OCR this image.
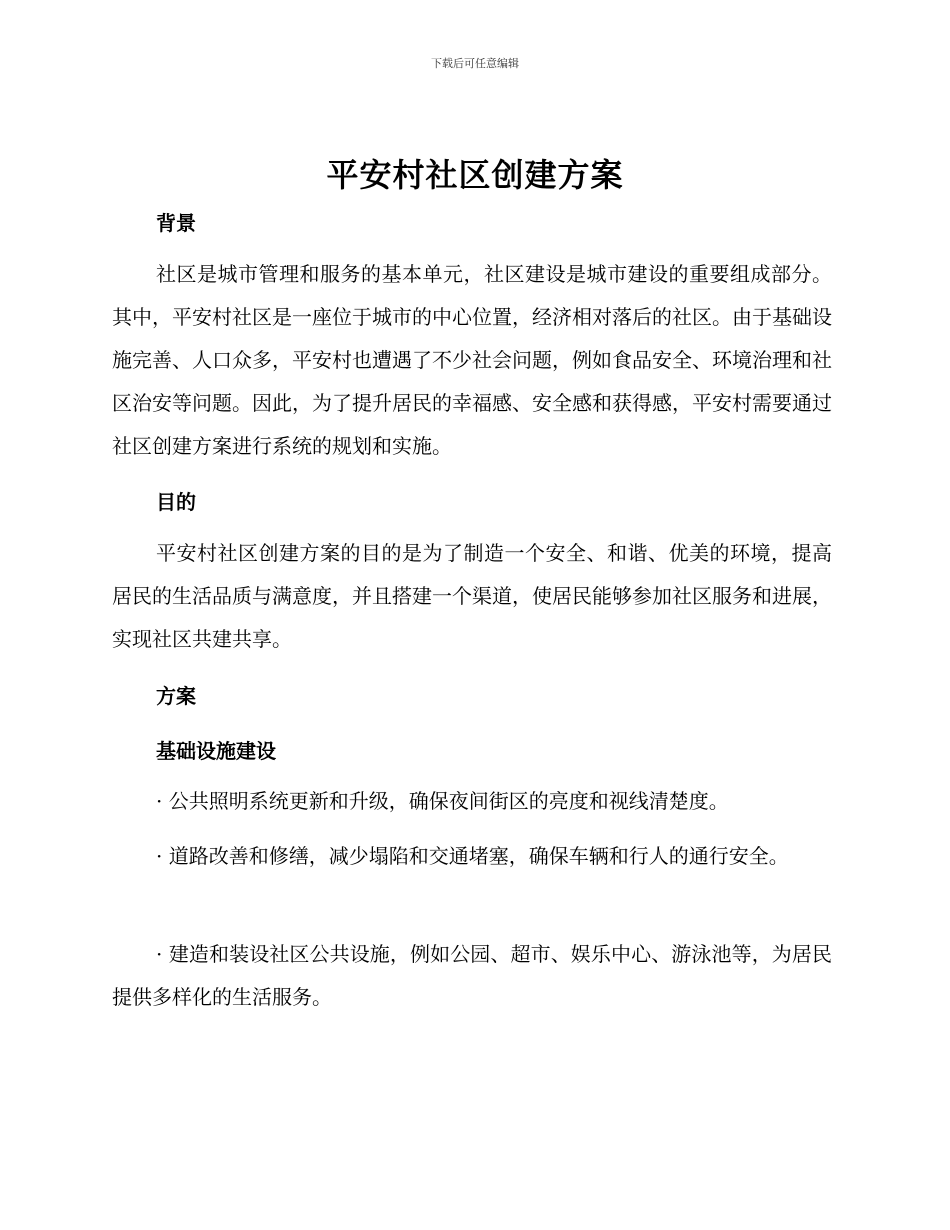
下载后可任意编辑
平安村社区创建方案
背景

社区是城市管理和服务的基本单元，社区建设是城市建设的重要组成部分。其中，平安村社区是一座位于城市的中心位置，经济相对落后的社区。由于基础设施完善、人口众多，平安村也遭遇了不少社会问题，例如食品安全、环境治理和社区治安等问题。因此，为了提升居民的幸福感、安全感和获得感，平安村需要通过社区创建方案进行系统的规划和实施。

目的

平安村社区创建方案的目的是为了制造一个安全、和谐、优美的环境，提高居民的生活品质与满意度，并且搭建一个渠道，使居民能够参加社区服务和进展，实现社区共建共享。

方案
基础设施建设

· 公共照明系统更新和升级，确保夜间街区的亮度和视线清楚度。

· 道路改善和修缮，减少塌陷和交通堵塞，确保车辆和行人的通行安全。

· 建造和装设社区公共设施，例如公园、超市、娱乐中心、游泳池等，为居民提供多样化的生活服务。
